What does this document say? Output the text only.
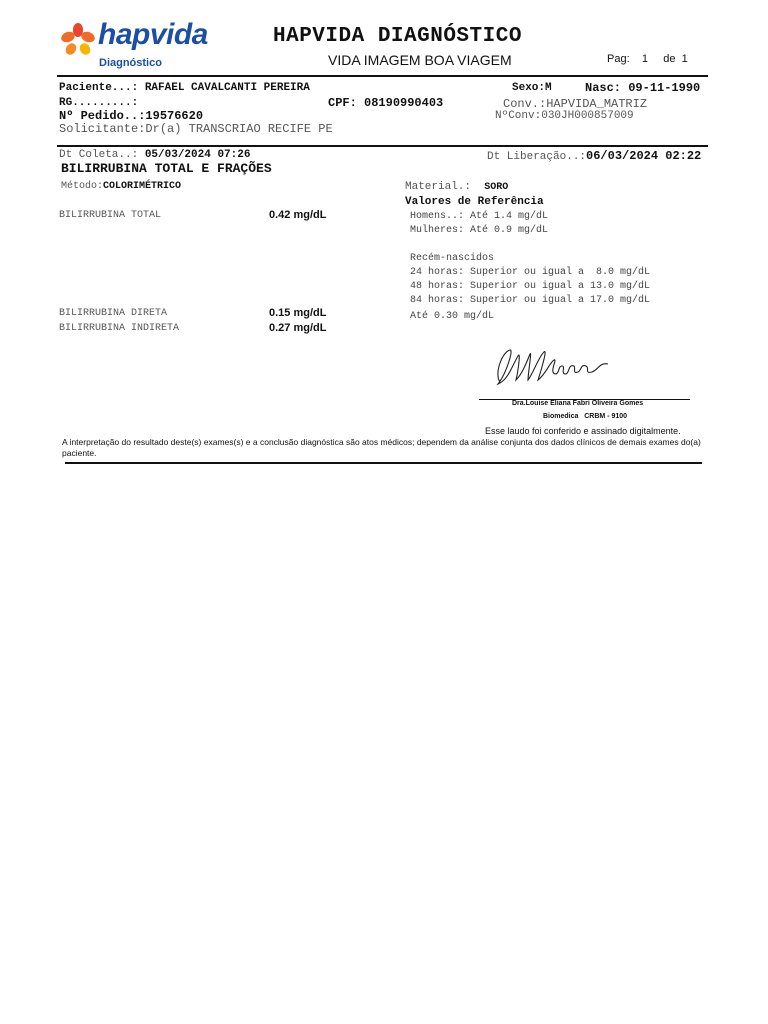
hapvida
Diagnóstico
HAPVIDA DIAGNÓSTICO
VIDA IMAGEM BOA VIAGEM	Pag: 1 de 1
Paciente...: RAFAEL CAVALCANTI PEREIRA	Sexo:M	Nasc: 09-11-1990
RG.........:	CPF: 08190990403	Conv.:HAPVIDA_MATRIZ
Nº Pedido..:19576620	NºConv:030JH000857009
Solicitante:Dr(a) TRANSCRIAO RECIFE PE
Dt Coleta..: 05/03/2024 07:26	Dt Liberação..:06/03/2024 02:22
BILIRRUBINA TOTAL E FRAÇÕES
Método:COLORIMÉTRICO	Material.: SORO
Valores de Referência
BILIRRUBINA TOTAL	0.42 mg/dL	Homens..: Até 1.4 mg/dL
Mulheres: Até 0.9 mg/dL
Recém-nascidos
24 horas: Superior ou igual a  8.0 mg/dL
48 horas: Superior ou igual a 13.0 mg/dL
84 horas: Superior ou igual a 17.0 mg/dL
Até 0.30 mg/dL
BILIRRUBINA DIRETA	0.15 mg/dL
BILIRRUBINA INDIRETA	0.27 mg/dL
Dra.Louise Eliana Fabri Oliveira Gomes
Biomedica CRBM - 9100
Esse laudo foi conferido e assinado digitalmente.
A interpretação do resultado deste(s) exames(s) e a conclusão diagnóstica são atos médicos; dependem da análise conjunta dos dados clínicos de demais exames do(a) paciente.
